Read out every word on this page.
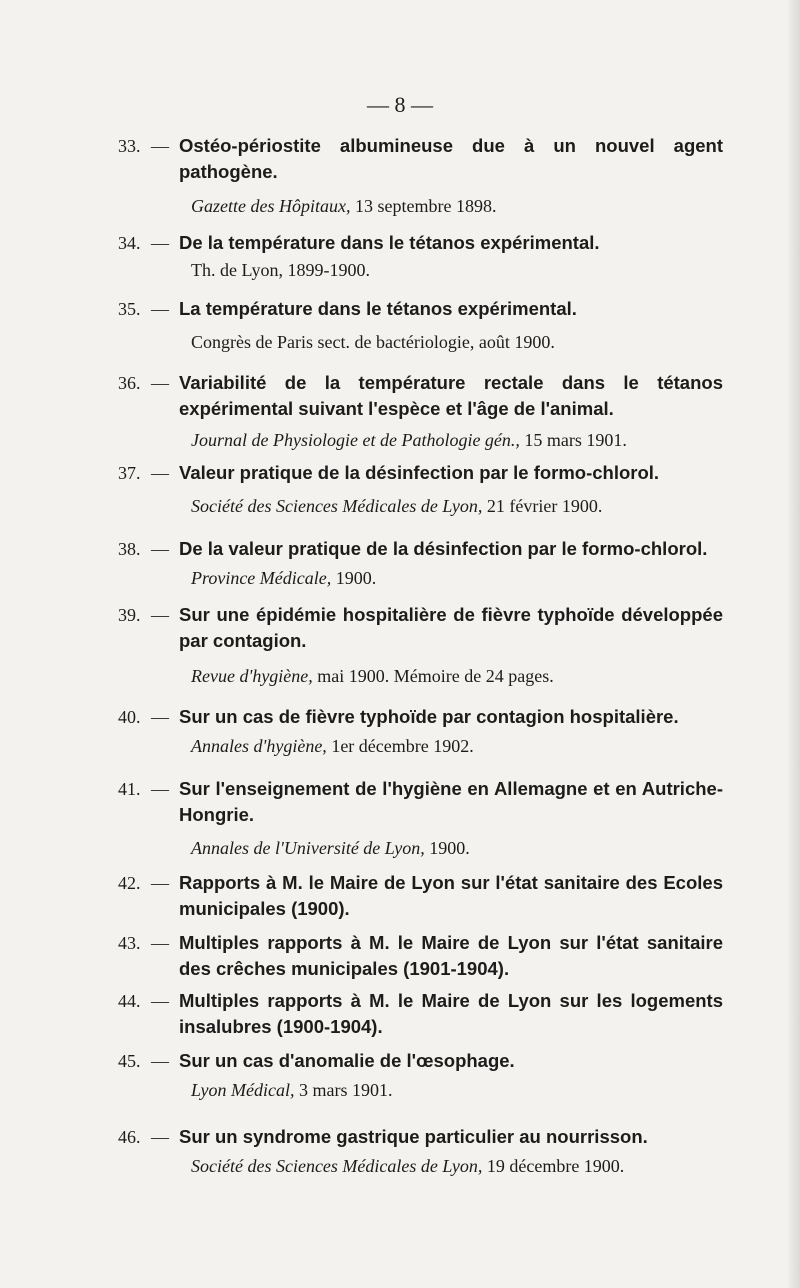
— 8 —
33. — Ostéo-périostite albumineuse due à un nouvel agent pathogène.
Gazette des Hôpitaux, 13 septembre 1898.
34. — De la température dans le tétanos expérimental.
Th. de Lyon, 1899-1900.
35. — La température dans le tétanos expérimental.
Congrès de Paris sect. de bactériologie, août 1900.
36. — Variabilité de la température rectale dans le tétanos expérimental suivant l'espèce et l'âge de l'animal.
Journal de Physiologie et de Pathologie gén., 15 mars 1901.
37. — Valeur pratique de la désinfection par le formo-chlorol.
Société des Sciences Médicales de Lyon, 21 février 1900.
38. — De la valeur pratique de la désinfection par le formo-chlorol.
Province Médicale, 1900.
39. — Sur une épidémie hospitalière de fièvre typhoïde développée par contagion.
Revue d'hygiène, mai 1900. Mémoire de 24 pages.
40. — Sur un cas de fièvre typhoïde par contagion hospitalière.
Annales d'hygiène, 1er décembre 1902.
41. — Sur l'enseignement de l'hygiène en Allemagne et en Autriche-Hongrie.
Annales de l'Université de Lyon, 1900.
42. — Rapports à M. le Maire de Lyon sur l'état sanitaire des Ecoles municipales (1900).
43. — Multiples rapports à M. le Maire de Lyon sur l'état sanitaire des crêches municipales (1901-1904).
44. — Multiples rapports à M. le Maire de Lyon sur les logements insalubres (1900-1904).
45. — Sur un cas d'anomalie de l'œsophage.
Lyon Médical, 3 mars 1901.
46. — Sur un syndrome gastrique particulier au nourrisson.
Société des Sciences Médicales de Lyon, 19 décembre 1900.
